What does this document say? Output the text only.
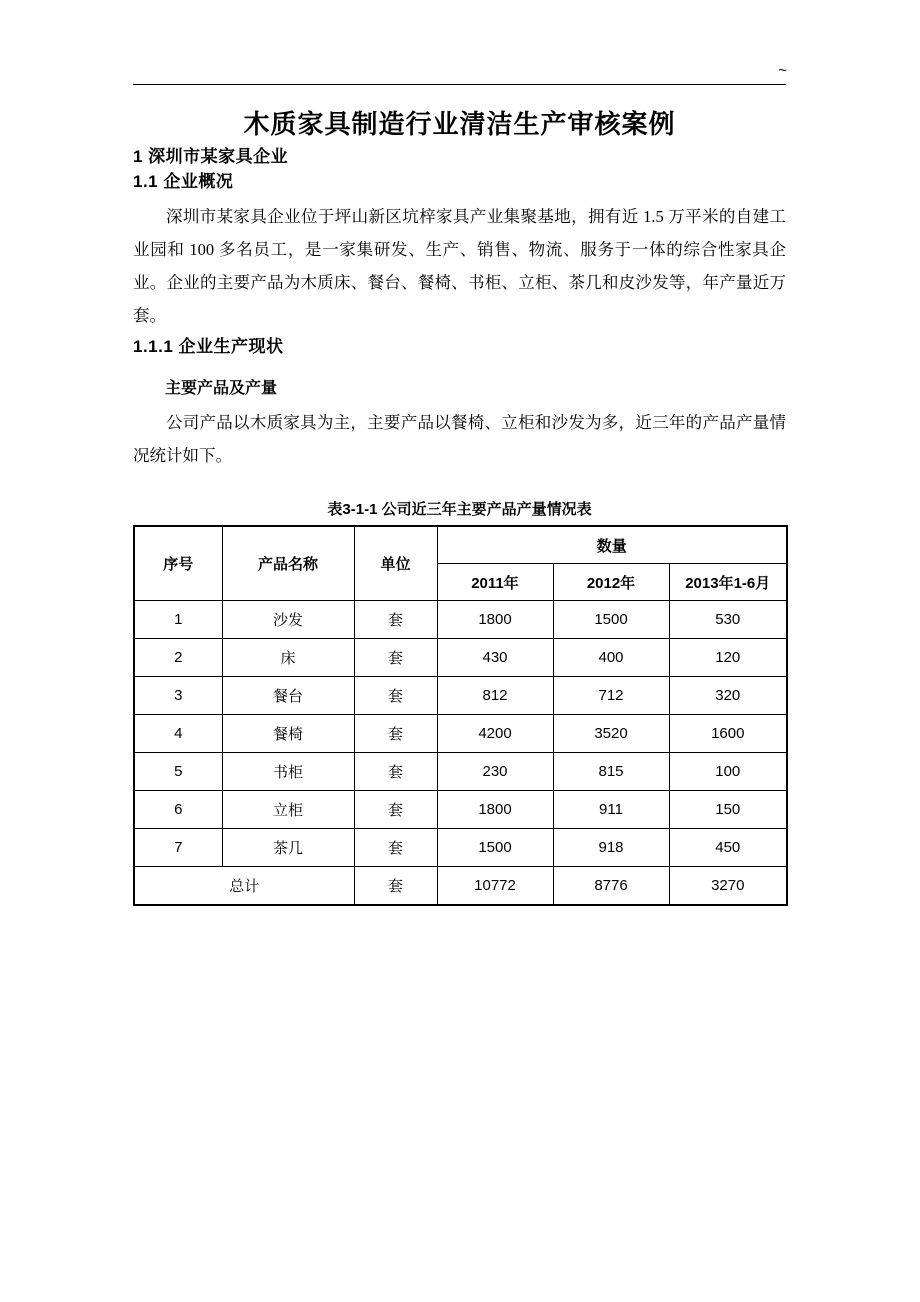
~
木质家具制造行业清洁生产审核案例
1 深圳市某家具企业
1.1 企业概况

深圳市某家具企业位于坪山新区坑梓家具产业集聚基地，拥有近 1.5 万平米的自建工业园和 100 多名员工，是一家集研发、生产、销售、物流、服务于一体的综合性家具企业。企业的主要产品为木质床、餐台、餐椅、书柜、立柜、茶几和皮沙发等，年产量近万套。

1.1.1 企业生产现状
主要产品及产量

公司产品以木质家具为主，主要产品以餐椅、立柜和沙发为多，近三年的产品产量情况统计如下。

表3-1-1 公司近三年主要产品产量情况表
序号	产品名称	单位	数量		
			2011年	2012年	2013年1-6月
1	沙发	套	1800	1500	530
2	床	套	430	400	120
3	餐台	套	812	712	320
4	餐椅	套	4200	3520	1600
5	书柜	套	230	815	100
6	立柜	套	1800	911	150
7	茶几	套	1500	918	450
总计		套	10772	8776	3270
